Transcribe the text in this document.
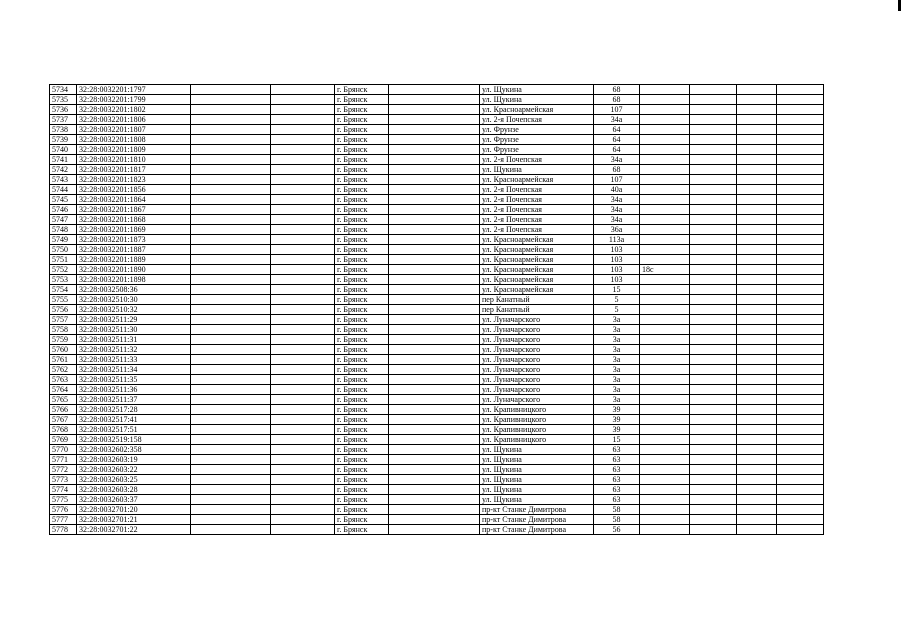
5734	32:28:0032201:1797			г. Брянск		ул. Щукина	68				
5735	32:28:0032201:1799			г. Брянск		ул. Щукина	68				
5736	32:28:0032201:1802			г. Брянск		ул. Красноармейская	107				
5737	32:28:0032201:1806			г. Брянск		ул. 2-я Почепская	34а				
5738	32:28:0032201:1807			г. Брянск		ул. Фрунзе	64				
5739	32:28:0032201:1808			г. Брянск		ул. Фрунзе	64				
5740	32:28:0032201:1809			г. Брянск		ул. Фрунзе	64				
5741	32:28:0032201:1810			г. Брянск		ул. 2-я Почепская	34а				
5742	32:28:0032201:1817			г. Брянск		ул. Щукина	68				
5743	32:28:0032201:1823			г. Брянск		ул. Красноармейская	107				
5744	32:28:0032201:1856			г. Брянск		ул. 2-я Почепская	40а				
5745	32:28:0032201:1864			г. Брянск		ул. 2-я Почепская	34а				
5746	32:28:0032201:1867			г. Брянск		ул. 2-я Почепская	34а				
5747	32:28:0032201:1868			г. Брянск		ул. 2-я Почепская	34а				
5748	32:28:0032201:1869			г. Брянск		ул. 2-я Почепская	36а				
5749	32:28:0032201:1873			г. Брянск		ул. Красноармейская	113а				
5750	32:28:0032201:1887			г. Брянск		ул. Красноармейская	103				
5751	32:28:0032201:1889			г. Брянск		ул. Красноармейская	103				
5752	32:28:0032201:1890			г. Брянск		ул. Красноармейская	103	18с			
5753	32:28:0032201:1898			г. Брянск		ул. Красноармейская	103				
5754	32:28:0032508:36			г. Брянск		ул. Красноармейская	15				
5755	32:28:0032510:30			г. Брянск		пер Канатный	5				
5756	32:28:0032510:32			г. Брянск		пер Канатный	5				
5757	32:28:0032511:29			г. Брянск		ул. Луначарского	3а				
5758	32:28:0032511:30			г. Брянск		ул. Луначарского	3а				
5759	32:28:0032511:31			г. Брянск		ул. Луначарского	3а				
5760	32:28:0032511:32			г. Брянск		ул. Луначарского	3а				
5761	32:28:0032511:33			г. Брянск		ул. Луначарского	3а				
5762	32:28:0032511:34			г. Брянск		ул. Луначарского	3а				
5763	32:28:0032511:35			г. Брянск		ул. Луначарского	3а				
5764	32:28:0032511:36			г. Брянск		ул. Луначарского	3а				
5765	32:28:0032511:37			г. Брянск		ул. Луначарского	3а				
5766	32:28:0032517:28			г. Брянск		ул. Крапивницкого	39				
5767	32:28:0032517:41			г. Брянск		ул. Крапивницкого	39				
5768	32:28:0032517:51			г. Брянск		ул. Крапивницкого	39				
5769	32:28:0032519:158			г. Брянск		ул. Крапивницкого	15				
5770	32:28:0032602:358			г. Брянск		ул. Щукина	63				
5771	32:28:0032603:19			г. Брянск		ул. Щукина	63				
5772	32:28:0032603:22			г. Брянск		ул. Щукина	63				
5773	32:28:0032603:25			г. Брянск		ул. Щукина	63				
5774	32:28:0032603:28			г. Брянск		ул. Щукина	63				
5775	32:28:0032603:37			г. Брянск		ул. Щукина	63				
5776	32:28:0032701:20			г. Брянск		пр-кт Станке Димитрова	58				
5777	32:28:0032701:21			г. Брянск		пр-кт Станке Димитрова	58				
5778	32:28:0032701:22			г. Брянск		пр-кт Станке Димитрова	56				
